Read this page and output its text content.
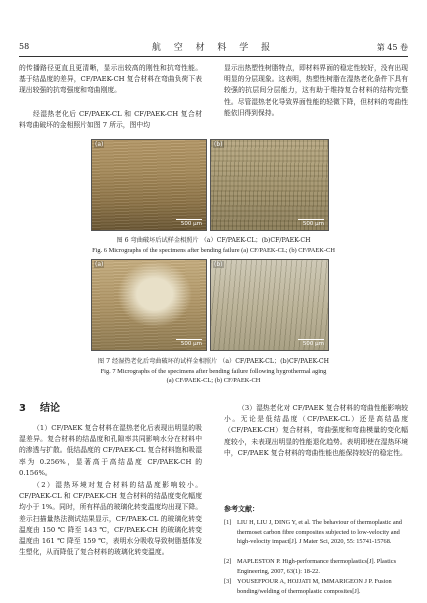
58	航 空 材 料 学 报	第 45 卷

的传播路径更直且更清晰，显示出较高的刚性和抗弯性能。基于结晶度的差异，CF/PAEK-CH 复合材料在弯曲负荷下表现出较强的抗弯强度和弯曲刚度。

经湿热老化后 CF/PAEK-CL 和 CF/PAEK-CH 复合材料弯曲破坏的金相照片如图 7 所示，图中均

显示出热塑性树脂特点，即材料界面的稳定性较好，没有出现明显的分层现象。这表明，热塑性树脂在湿热老化条件下具有较强的抗层间分层能力，这有助于维持复合材料的结构完整性。尽管湿热老化导致界面性能的轻微下降，但材料的弯曲性能依旧得到保持。

(a)
500 μm
(b)
500 μm
图 6 弯曲破坏后试样金相照片 （a）CF/PAEK-CL；(b)CF/PAEK-CH
Fig. 6 Micrographs of the specimens after bending failure (a) CF/PAEK-CL; (b) CF/PAEK-CH
(a)
500 μm
(b)
500 μm
图 7 经湿热老化后弯曲破坏的试样金相照片 （a）CF/PAEK-CL；(b)CF/PAEK-CH
Fig. 7 Micrographs of the specimens after bending failure following hygrothermal aging
(a) CF/PAEK-CL; (b) CF/PAEK-CH
3 结论

（1）CF/PAEK 复合材料在湿热老化后表现出明显的吸湿差异。复合材料的结晶度和孔隙率共同影响水分在材料中的渗透与扩散。低结晶度的 CF/PAEK-CL 复合材料饱和吸湿率为 0.256%，显著高于高结晶度 CF/PAEK-CH 的 0.156%。

（2）湿热环境对复合材料的结晶度影响较小。CF/PAEK-CL 和 CF/PAEK-CH 复合材料的结晶度变化幅度均小于 1%。同时，所有样品的玻璃化转变温度均出现下降。差示扫描量热法测试结果显示，CF/PAEK-CL 的玻璃化转变温度由 150 ℃ 降至 143 ℃，CF/PAEK-CH 的玻璃化转变温度由 161 ℃ 降至 159 ℃，表明水分吸收导致树脂基体发生塑化，从而降低了复合材料的玻璃化转变温度。

（3）湿热老化对 CF/PAEK 复合材料的弯曲性能影响较小。无论是低结晶度（CF/PAEK-CL）还是高结晶度（CF/PAEK-CH）复合材料，弯曲强度和弯曲模量的变化幅度较小，未表现出明显的性能退化趋势。表明即使在湿热环境中，CF/PAEK 复合材料的弯曲性能也能保持较好的稳定性。

参考文献：
[1] LIU H, LIU J, DING Y, et al. The behaviour of thermoplastic and thermoset carbon fibre composites subjected to low-velocity and high-velocity impact[J]. J Mater Sci, 2020, 55: 15741-15768.
[2] MAPLESTON P. High-performance thermoplastics[J]. Plastics Engineering, 2007, 63(1): 18-22.
[3] YOUSEFPOUR A, HOJJATI M, IMMARIGEON J P. Fusion bonding/welding of thermoplastic composites[J].
